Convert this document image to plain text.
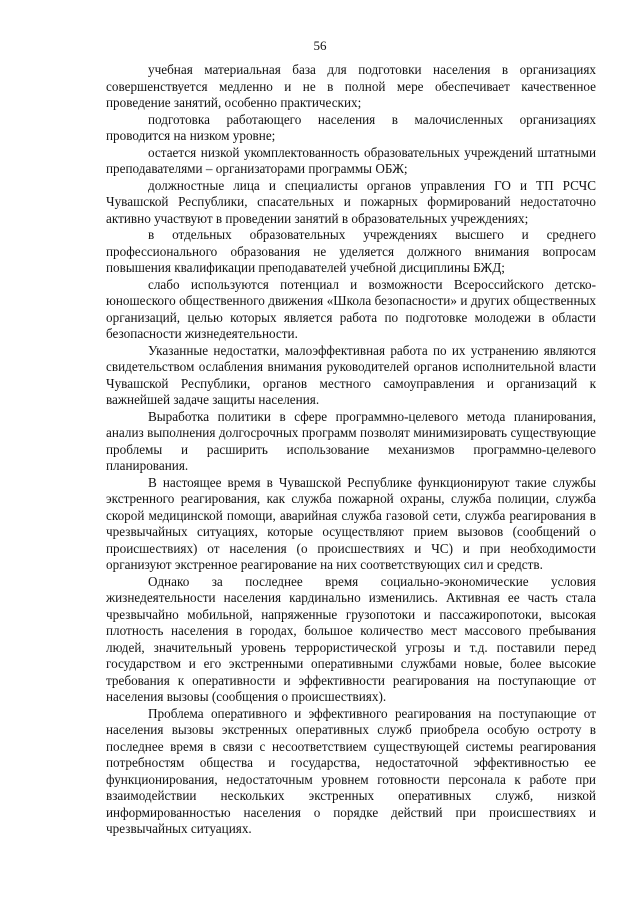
56

учебная материальная база для подготовки населения в организациях совершенствуется медленно и не в полной мере обеспечивает качественное проведение занятий, особенно практических;

подготовка работающего населения в малочисленных организациях проводится на низком уровне;

остается низкой укомплектованность образовательных учреждений штатными преподавателями – организаторами программы ОБЖ;

должностные лица и специалисты органов управления ГО и ТП РСЧС Чувашской Республики, спасательных и пожарных формирований недостаточно активно участвуют в проведении занятий в образовательных учреждениях;

в отдельных образовательных учреждениях высшего и среднего профессионального образования не уделяется должного внимания вопросам повышения квалификации преподавателей учебной дисциплины БЖД;

слабо используются потенциал и возможности Всероссийского детско-юношеского общественного движения «Школа безопасности» и других общественных организаций, целью которых является работа по подготовке молодежи в области безопасности жизнедеятельности.

Указанные недостатки, малоэффективная работа по их устранению являются свидетельством ослабления внимания руководителей органов исполнительной власти Чувашской Республики, органов местного самоуправления и организаций к важнейшей задаче защиты населения.

Выработка политики в сфере программно-целевого метода планирования, анализ выполнения долгосрочных программ позволят минимизировать существующие проблемы и расширить использование механизмов программно-целевого планирования.

В настоящее время в Чувашской Республике функционируют такие службы экстренного реагирования, как служба пожарной охраны, служба полиции, служба скорой медицинской помощи, аварийная служба газовой сети, служба реагирования в чрезвычайных ситуациях, которые осуществляют прием вызовов (сообщений о происшествиях) от населения (о происшествиях и ЧС) и при необходимости организуют экстренное реагирование на них соответствующих сил и средств.

Однако за последнее время социально-экономические условия жизнедеятельности населения кардинально изменились. Активная ее часть стала чрезвычайно мобильной, напряженные грузопотоки и пассажиропотоки, высокая плотность населения в городах, большое количество мест массового пребывания людей, значительный уровень террористической угрозы и т.д. поставили перед государством и его экстренными оперативными службами новые, более высокие требования к оперативности и эффективности реагирования на поступающие от населения вызовы (сообщения о происшествиях).

Проблема оперативного и эффективного реагирования на поступающие от населения вызовы экстренных оперативных служб приобрела особую остроту в последнее время в связи с несоответствием существующей системы реагирования потребностям общества и государства, недостаточной эффективностью ее функционирования, недостаточным уровнем готовности персонала к работе при взаимодействии нескольких экстренных оперативных служб, низкой информированностью населения о порядке действий при происшествиях и чрезвычайных ситуациях.
